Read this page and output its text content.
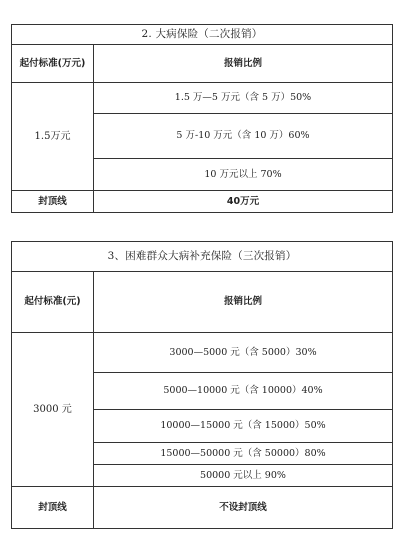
2. 大病保险（二次报销）	
起付标准(万元)	报销比例
1.5万元	1.5 万—5 万元（含 5 万）50%
	5 万-10 万元（含 10 万）60%
	10 万元以上 70%
封顶线	40万元
3、困难群众大病补充保险（三次报销）	
起付标准(元)	报销比例
3000 元	3000—5000 元（含 5000）30%
	5000—10000 元（含 10000）40%
	10000—15000 元（含 15000）50%
	15000—50000 元（含 50000）80%
	50000 元以上 90%
封顶线	不设封顶线
